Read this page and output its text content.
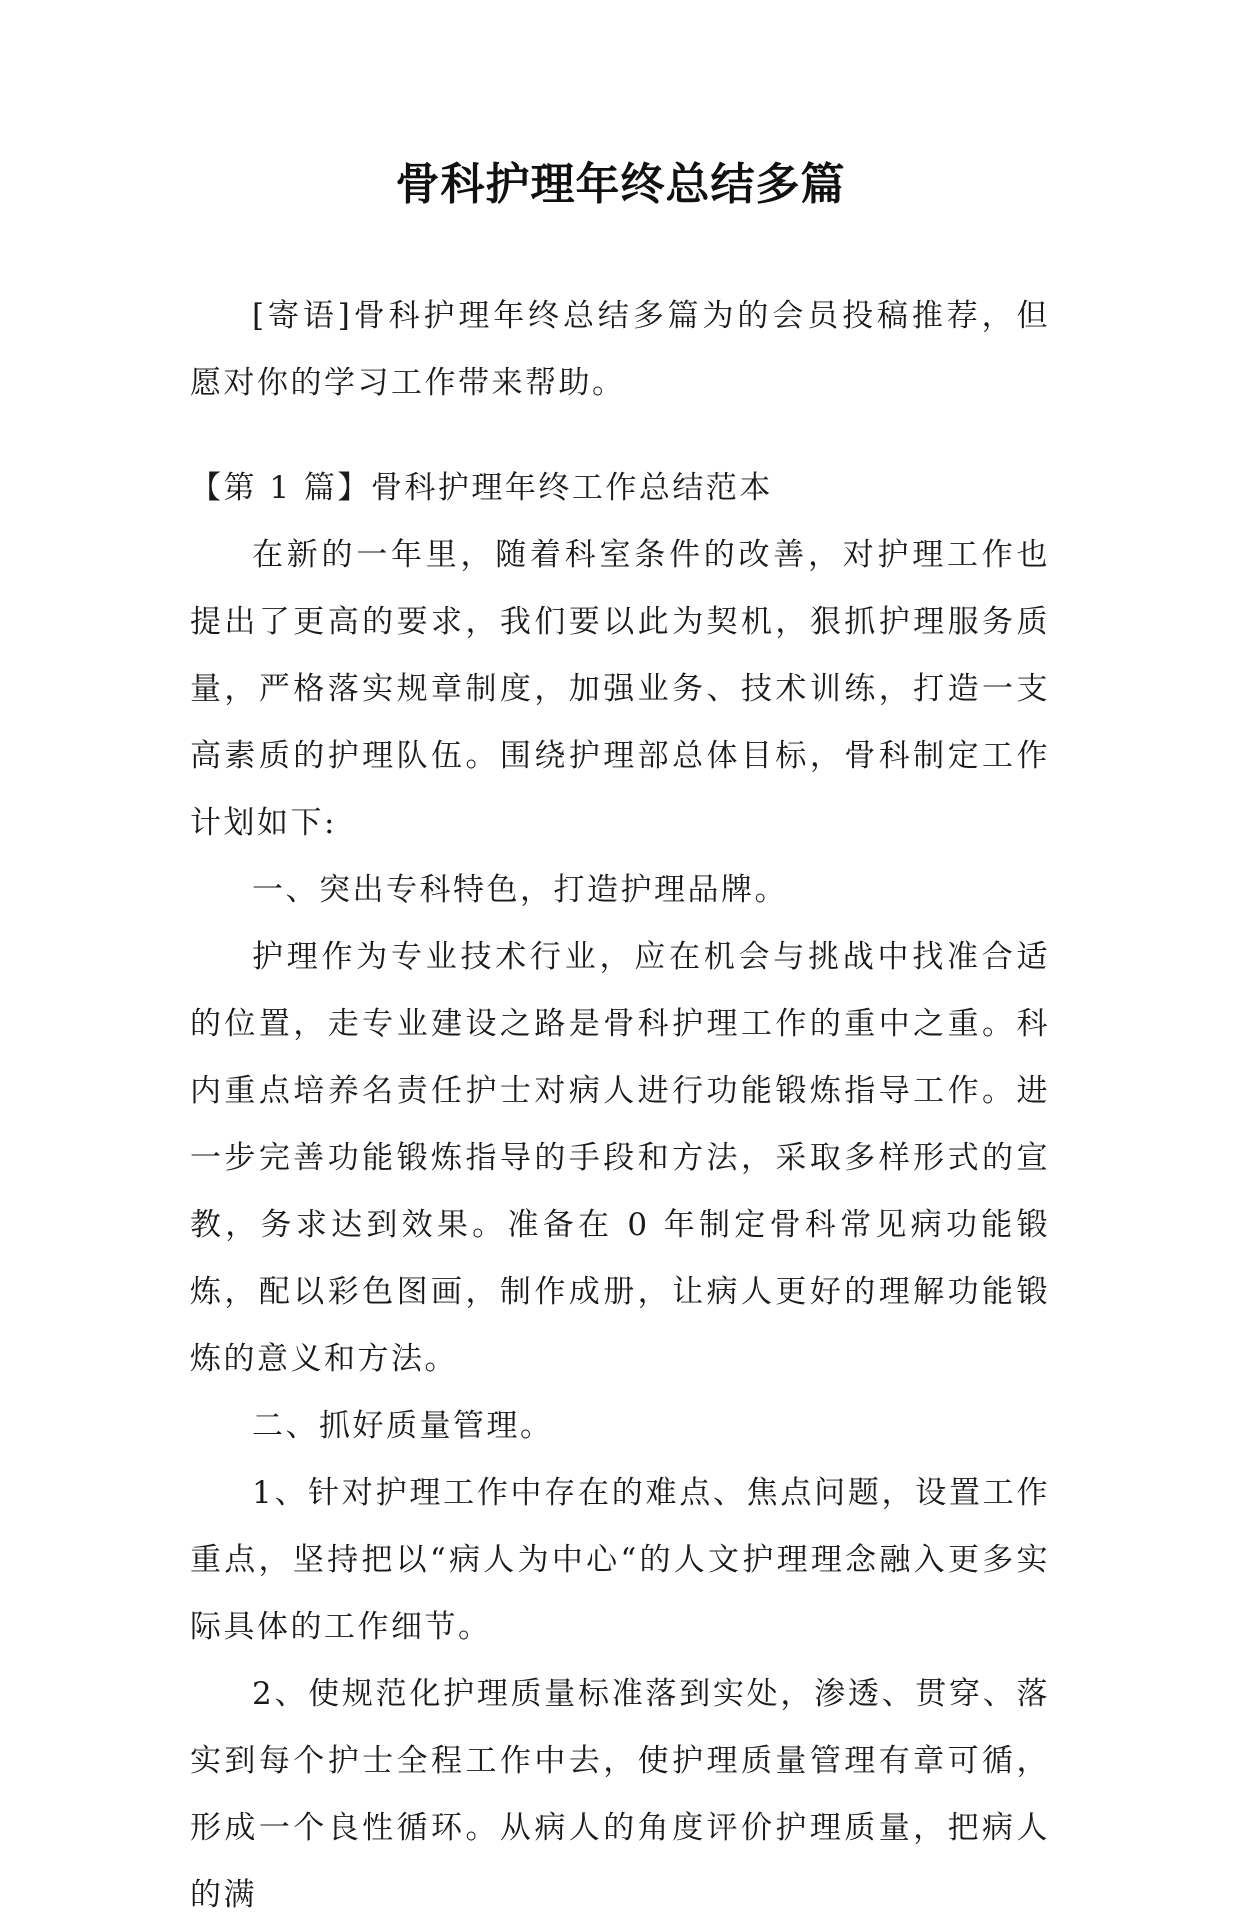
骨科护理年终总结多篇

[寄语]骨科护理年终总结多篇为的会员投稿推荐，但愿对你的学习工作带来帮助。

【第 1 篇】骨科护理年终工作总结范本

在新的一年里，随着科室条件的改善，对护理工作也提出了更高的要求，我们要以此为契机，狠抓护理服务质量，严格落实规章制度，加强业务、技术训练，打造一支高素质的护理队伍。围绕护理部总体目标，骨科制定工作计划如下:

一、突出专科特色，打造护理品牌。

护理作为专业技术行业，应在机会与挑战中找准合适的位置，走专业建设之路是骨科护理工作的重中之重。科内重点培养名责任护士对病人进行功能锻炼指导工作。进一步完善功能锻炼指导的手段和方法，采取多样形式的宣教，务求达到效果。准备在 0 年制定骨科常见病功能锻炼，配以彩色图画，制作成册，让病人更好的理解功能锻炼的意义和方法。

二、抓好质量管理。

1、针对护理工作中存在的难点、焦点问题，设置工作重点，坚持把以“病人为中心“的人文护理理念融入更多实际具体的工作细节。

2、使规范化护理质量标准落到实处，渗透、贯穿、落实到每个护士全程工作中去，使护理质量管理有章可循，形成一个良性循环。从病人的角度评价护理质量，把病人的满
